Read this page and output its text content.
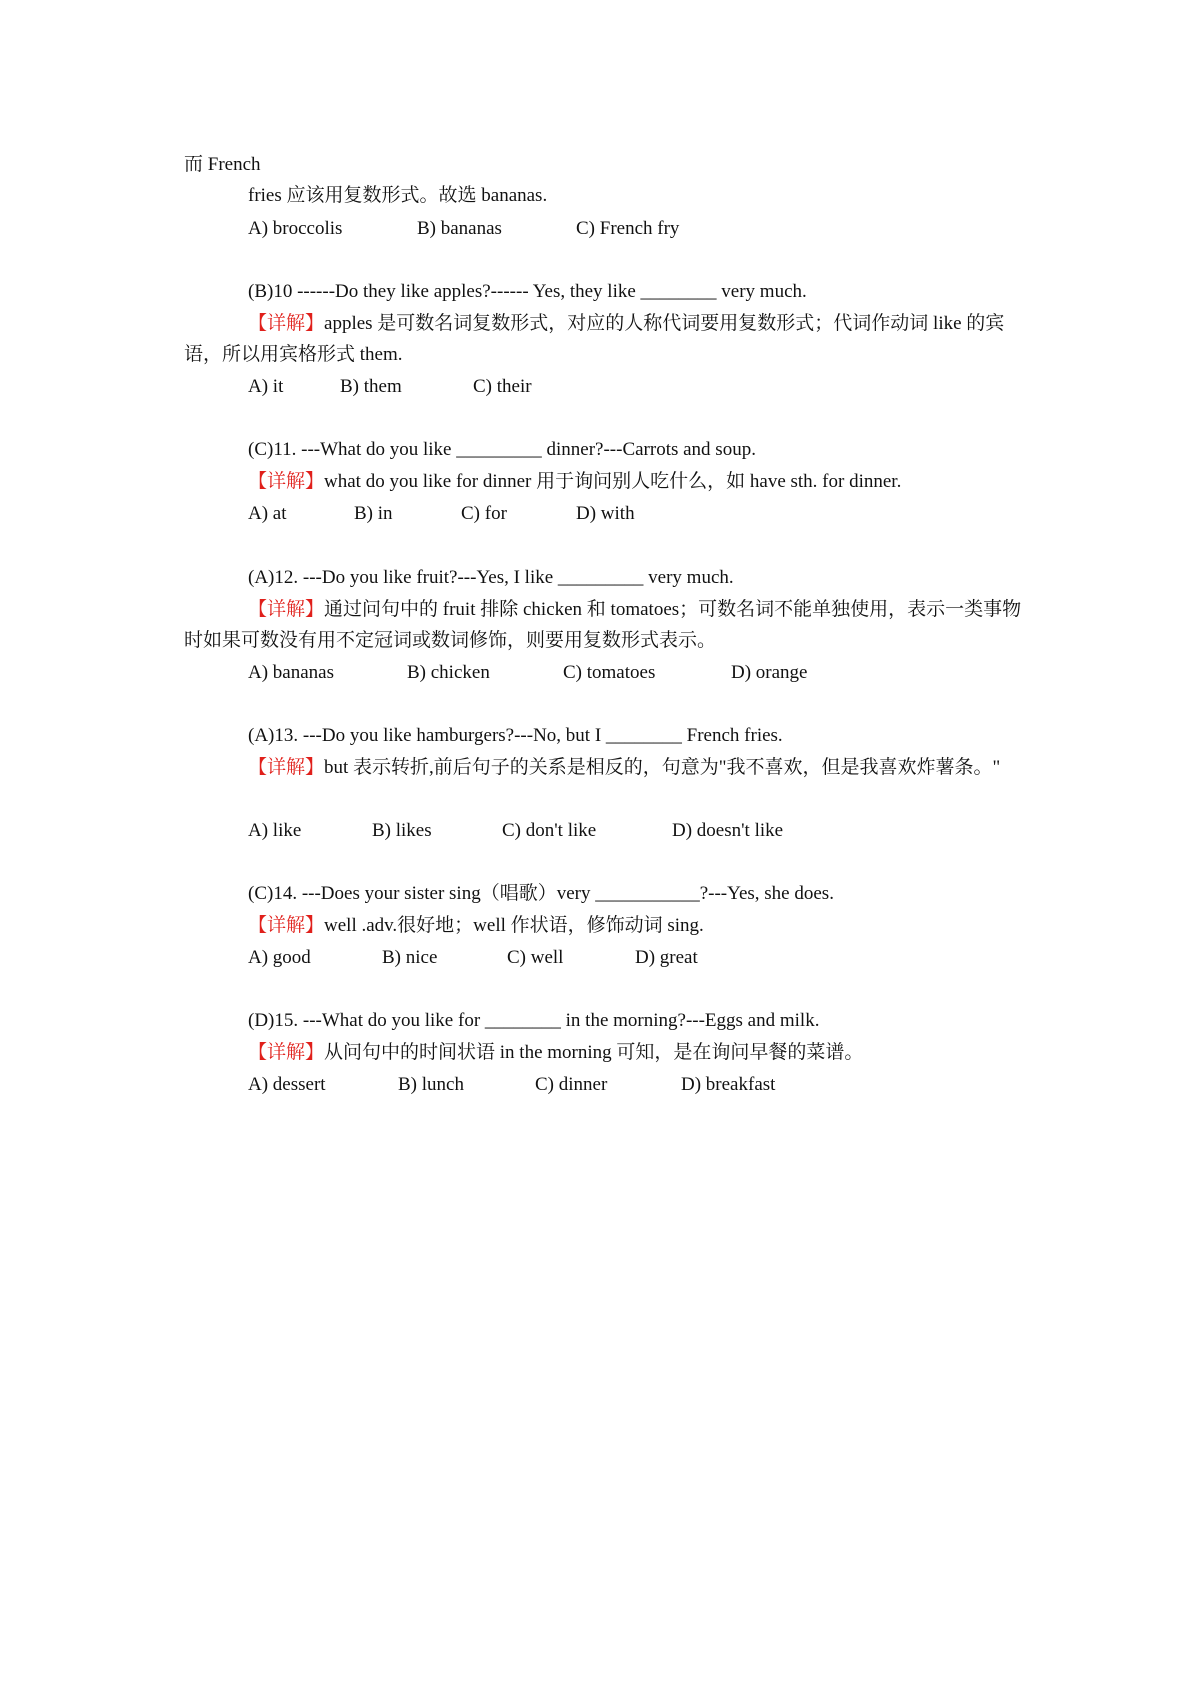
而 French
fries 应该用复数形式。故选 bananas.
A) broccolis	B) bananas	C) French fry
(B)10 ------Do they like apples?------ Yes, they like ________ very much.
【详解】apples 是可数名词复数形式，对应的人称代词要用复数形式；代词作动词 like 的宾语，所以用宾格形式 them.
A) it	B) them	C) their
(C)11. ---What do you like _________ dinner?---Carrots and soup.
【详解】what do you like for dinner 用于询问别人吃什么，如 have sth. for dinner.
A) at	B) in	C) for	D) with
(A)12. ---Do you like fruit?---Yes, I like _________ very much.
【详解】通过问句中的 fruit 排除 chicken 和 tomatoes；可数名词不能单独使用，表示一类事物时如果可数没有用不定冠词或数词修饰，则要用复数形式表示。
A) bananas	B) chicken	C) tomatoes	D) orange
(A)13. ---Do you like hamburgers?---No, but I ________ French fries.
【详解】but 表示转折,前后句子的关系是相反的，句意为"我不喜欢，但是我喜欢炸薯条。"
A) like	B) likes	C) don't like	D) doesn't like
(C)14. ---Does your sister sing（唱歌）very ___________?---Yes, she does.
【详解】well .adv.很好地；well 作状语，修饰动词 sing.
A) good	B) nice	C) well	D) great
(D)15. ---What do you like for ________ in the morning?---Eggs and milk.
【详解】从问句中的时间状语 in the morning 可知，是在询问早餐的菜谱。
A) dessert	B) lunch	C) dinner	D) breakfast
